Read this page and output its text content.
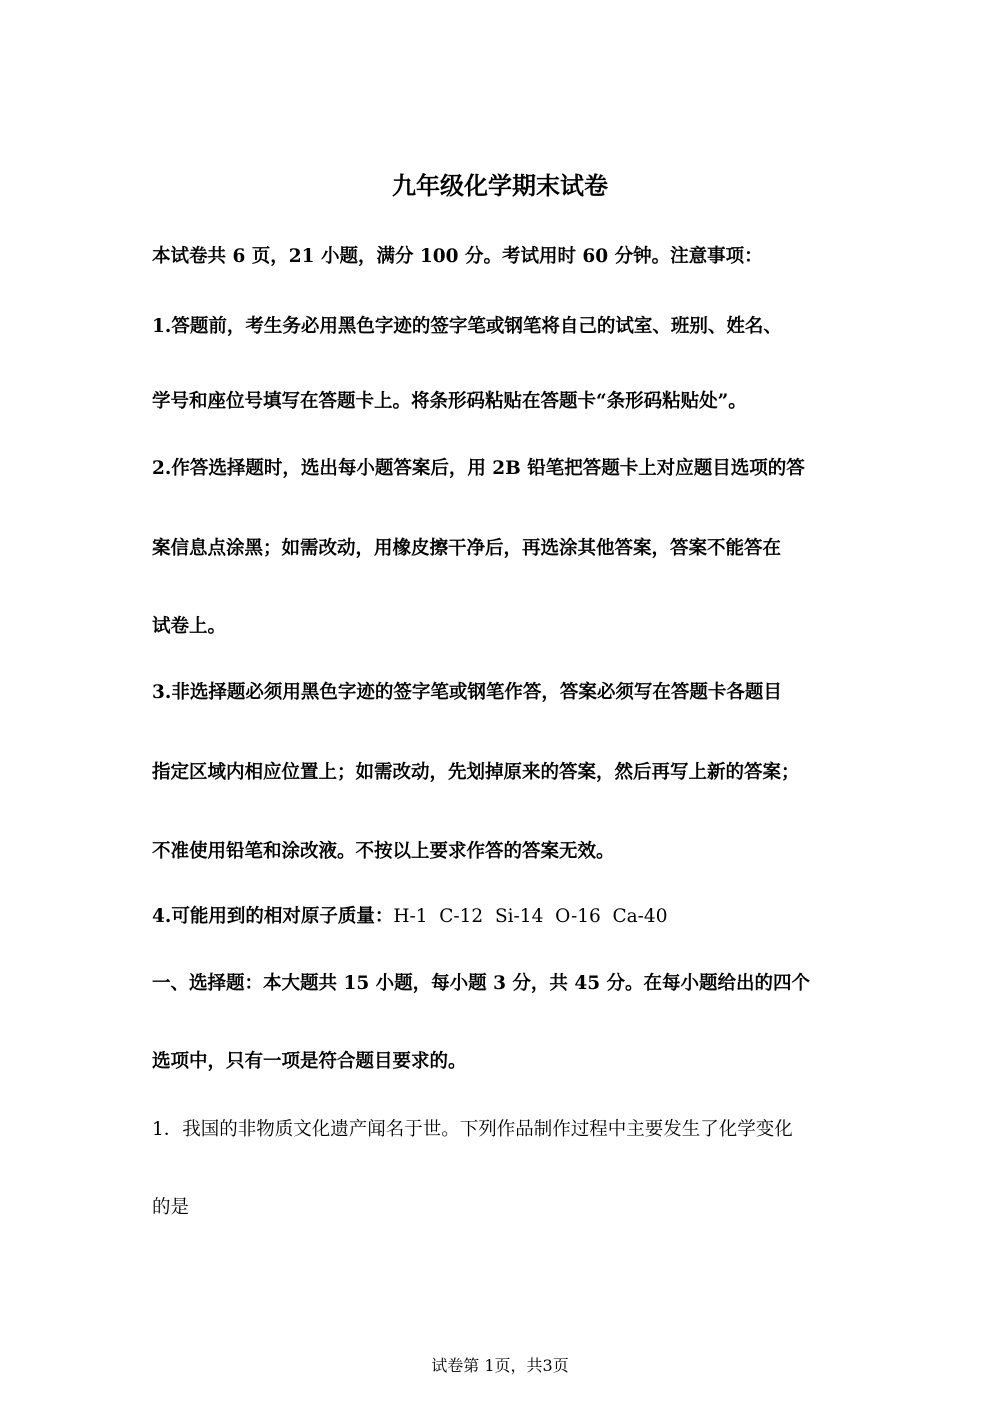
九年级化学期末试卷
本试卷共 6 页，21 小题，满分 100 分。考试用时 60 分钟。注意事项：
1.答题前，考生务必用黑色字迹的签字笔或钢笔将自己的试室、班别、姓名、
学号和座位号填写在答题卡上。将条形码粘贴在答题卡“条形码粘贴处”。
2.作答选择题时，选出每小题答案后，用 2B 铅笔把答题卡上对应题目选项的答
案信息点涂黑；如需改动，用橡皮擦干净后，再选涂其他答案，答案不能答在
试卷上。
3.非选择题必须用黑色字迹的签字笔或钢笔作答，答案必须写在答题卡各题目
指定区域内相应位置上；如需改动，先划掉原来的答案，然后再写上新的答案；
不准使用铅笔和涂改液。不按以上要求作答的答案无效。
4.可能用到的相对原子质量：H-1  C-12  Si-14  O-16  Ca-40
一、选择题：本大题共 15 小题，每小题 3 分，共 45 分。在每小题给出的四个
选项中，只有一项是符合题目要求的。
1．我国的非物质文化遗产闻名于世。下列作品制作过程中主要发生了化学变化
的是
试卷第 1页，共3页
